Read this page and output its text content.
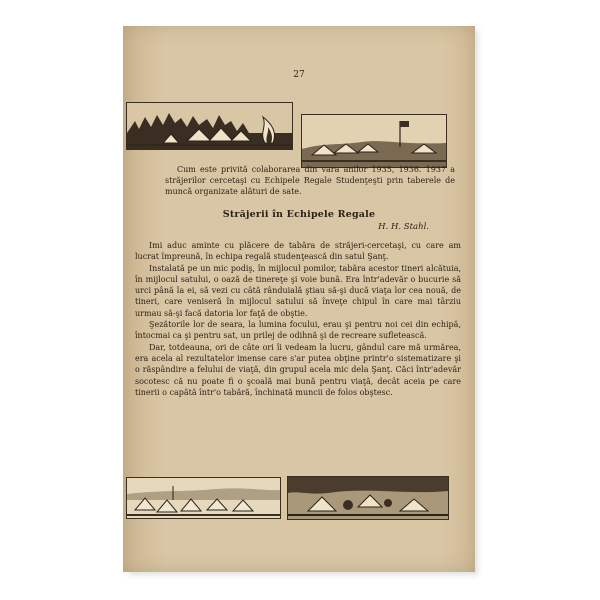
27
Cum este privită colaborarea din vara anilor 1935, 1936. 1937 a străjerilor cercetaşi cu Echipele Regale Studenţeşti prin taberele de muncă organizate alături de sate.
Străjerii în Echipele Regale
H. H. Stahl.

Imi aduc aminte cu plăcere de tabăra de străjeri-cercetaşi, cu care am lucrat împreună, în echipa regală studenţească din satul Şanţ.

Instalată pe un mic podiş, în mijlocul pomilor, tabăra acestor tineri alcătuia, în mijlocul satului, o oază de tinereţe şi voie bună. Era într'adevăr o bucurie să urci până la ei, să vezi cu câtă rânduială ştiau să-şi ducă viaţa lor cea nouă, de tineri, care veniseră în mijlocul satului să înveţe chipul în care mai târziu urmau să-şi facă datoria lor faţă de obştie.

Şezătorile lor de seara, la lumina focului, erau şi pentru noi cei din echipă, întocmai ca şi pentru sat, un prilej de odihnă şi de recreare sufletească.

Dar, totdeauna, ori de câte ori îi vedeam la lucru, gândul care mă urmărea, era acela al rezultatelor imense care s'ar putea obţine printr'o sistematizare şi o răspândire a felului de viaţă, din grupul acela mic dela Şanţ. Căci într'adevăr socotesc că nu poate fi o şcoală mai bună pentru viaţă, decât aceia pe care tinerii o capătă într'o tabără, închinată muncii de folos obştesc.
